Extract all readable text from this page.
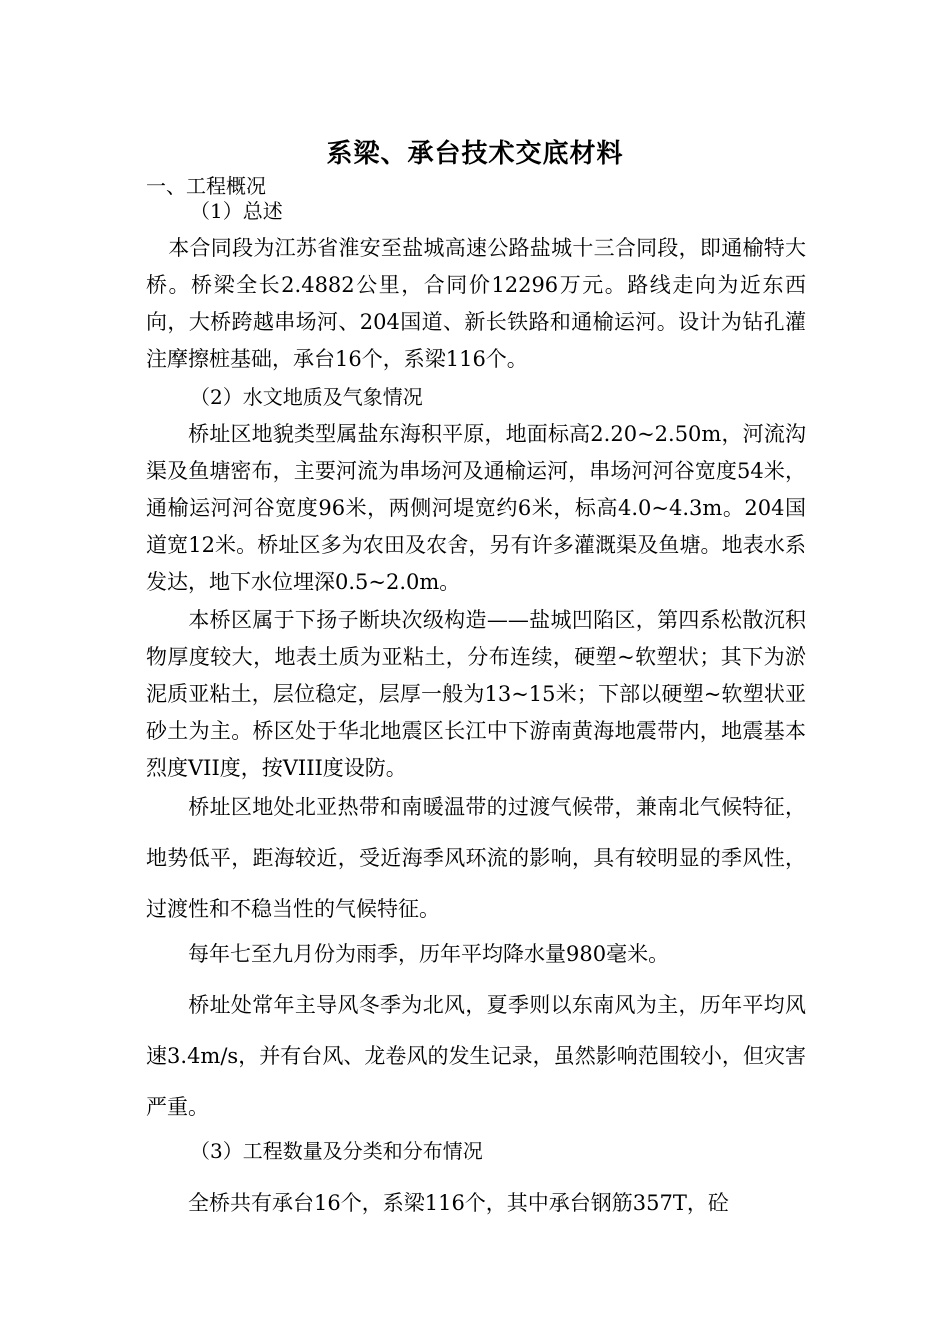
系梁、承台技术交底材料
一、工程概况
（1）总述
本合同段为江苏省淮安至盐城高速公路盐城十三合同段，即通榆特大桥。桥梁全长2.4882公里，合同价12296万元。路线走向为近东西向，大桥跨越串场河、204国道、新长铁路和通榆运河。设计为钻孔灌注摩擦桩基础，承台16个，系梁116个。
（2）水文地质及气象情况
桥址区地貌类型属盐东海积平原，地面标高2.20~2.50m，河流沟渠及鱼塘密布，主要河流为串场河及通榆运河，串场河河谷宽度54米，通榆运河河谷宽度96米，两侧河堤宽约6米，标高4.0~4.3m。204国道宽12米。桥址区多为农田及农舍，另有许多灌溉渠及鱼塘。地表水系发达，地下水位埋深0.5~2.0m。
本桥区属于下扬子断块次级构造——盐城凹陷区，第四系松散沉积物厚度较大，地表土质为亚粘土，分布连续，硬塑~软塑状；其下为淤泥质亚粘土，层位稳定，层厚一般为13~15米；下部以硬塑~软塑状亚砂土为主。桥区处于华北地震区长江中下游南黄海地震带内，地震基本烈度VII度，按VIII度设防。
桥址区地处北亚热带和南暖温带的过渡气候带，兼南北气候特征，地势低平，距海较近，受近海季风环流的影响，具有较明显的季风性，过渡性和不稳当性的气候特征。
每年七至九月份为雨季，历年平均降水量980毫米。
桥址处常年主导风冬季为北风，夏季则以东南风为主，历年平均风速3.4m/s，并有台风、龙卷风的发生记录，虽然影响范围较小，但灾害严重。
（3）工程数量及分类和分布情况
全桥共有承台16个，系梁116个，其中承台钢筋357T，砼
